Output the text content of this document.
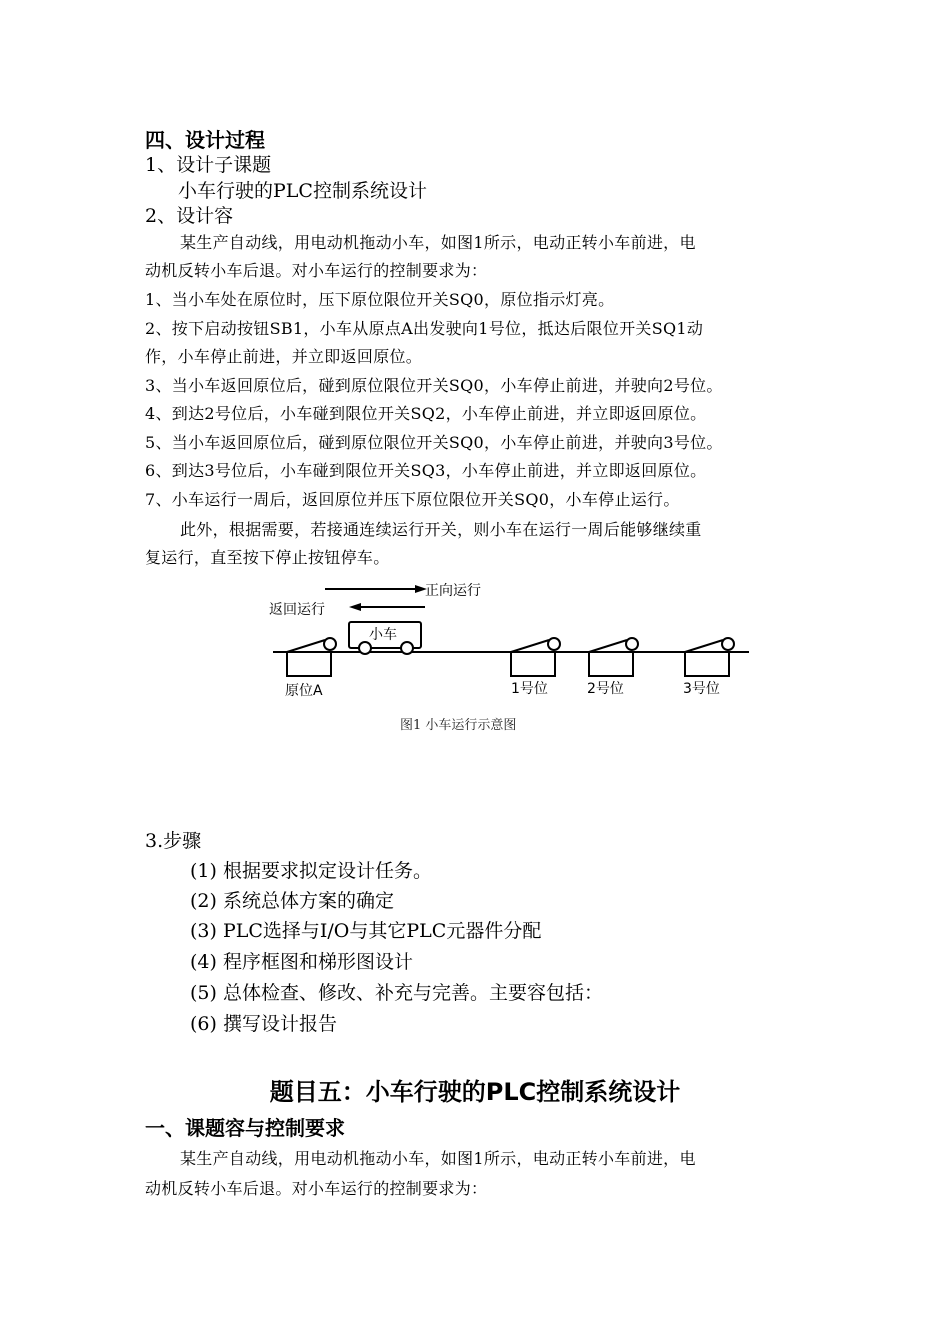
四、设计过程
1、设计子课题
小车行驶的PLC控制系统设计
2、设计容
某生产自动线，用电动机拖动小车，如图1所示，电动正转小车前进，电
动机反转小车后退。对小车运行的控制要求为：
1、当小车处在原位时，压下原位限位开关SQ0，原位指示灯亮。
2、按下启动按钮SB1，小车从原点A出发驶向1号位，抵达后限位开关SQ1动
作，小车停止前进，并立即返回原位。
3、当小车返回原位后，碰到原位限位开关SQ0，小车停止前进，并驶向2号位。
4、到达2号位后，小车碰到限位开关SQ2，小车停止前进，并立即返回原位。
5、当小车返回原位后，碰到原位限位开关SQ0，小车停止前进，并驶向3号位。
6、到达3号位后，小车碰到限位开关SQ3，小车停止前进，并立即返回原位。
7、小车运行一周后，返回原位并压下原位限位开关SQ0，小车停止运行。
此外，根据需要，若接通连续运行开关，则小车在运行一周后能够继续重
复运行，直至按下停止按钮停车。
正向运行
返回运行
小车
原位A	1号位	2号位	3号位
图1 小车运行示意图
3.步骤
(1) 根据要求拟定设计任务。
(2) 系统总体方案的确定
(3) PLC选择与I/O与其它PLC元器件分配
(4) 程序框图和梯形图设计
(5) 总体检查、修改、补充与完善。主要容包括：
(6) 撰写设计报告
题目五：小车行驶的PLC控制系统设计
一、课题容与控制要求
某生产自动线，用电动机拖动小车，如图1所示，电动正转小车前进，电
动机反转小车后退。对小车运行的控制要求为：
